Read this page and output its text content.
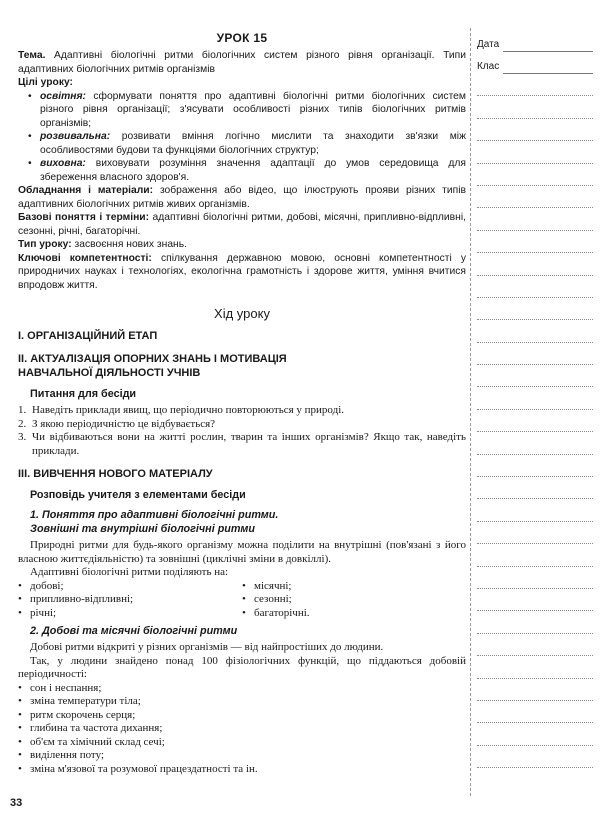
УРОК 15

Тема. Адаптивні біологічні ритми біологічних систем різного рівня організації. Типи адаптивних біологічних ритмів організмів

Цілі уроку:

• освітня: сформувати поняття про адаптивні біологічні ритми біологічних систем різного рівня організації; з'ясувати особливості різних типів біологічних ритмів організмів;
• розвивальна: розвивати вміння логічно мислити та знаходити зв'язки між особливостями будови та функціями біологічних структур;
• виховна: виховувати розуміння значення адаптації до умов середовища для збереження власного здоров'я.

Обладнання і матеріали: зображення або відео, що ілюструють прояви різних типів адаптивних біологічних ритмів живих організмів.

Базові поняття і терміни: адаптивні біологічні ритми, добові, місячні, припливно-відпливні, сезонні, річні, багаторічні.

Тип уроку: засвоєння нових знань.

Ключові компетентності: спілкування державною мовою, основні компетентності у природничих науках і технологіях, екологічна грамотність і здорове життя, уміння вчитися впродовж життя.

Хід уроку

І. ОРГАНІЗАЦІЙНИЙ ЕТАП

ІІ. АКТУАЛІЗАЦІЯ ОПОРНИХ ЗНАНЬ І МОТИВАЦІЯ

НАВЧАЛЬНОЇ ДІЯЛЬНОСТІ УЧНІВ

Питання для бесіди

1. Наведіть приклади явищ, що періодично повторюються у природі.
2. З якою періодичністю це відбувається?
3. Чи відбиваються вони на житті рослин, тварин та інших організмів? Якщо так, наведіть приклади.

ІІІ. ВИВЧЕННЯ НОВОГО МАТЕРІАЛУ

Розповідь учителя з елементами бесіди

1. Поняття про адаптивні біологічні ритми.

Зовнішні та внутрішні біологічні ритми

Природні ритми для будь-якого організму можна поділити на внутрішні (пов'язані з його власною життєдіяльністю) та зовнішні (циклічні зміни в довкіллі).

Адаптивні біологічні ритми поділяють на:

• добові;
• припливно-відпливні;
• річні;
• місячні;
• сезонні;
• багаторічні.

2. Добові та місячні біологічні ритми

Добові ритми відкриті у різних організмів — від найпростіших до людини.

Так, у людини знайдено понад 100 фізіологічних функцій, що піддаються добовій періодичності:

• сон і неспання;
• зміна температури тіла;
• ритм скорочень серця;
• глибина та частота дихання;
• об'єм та хімічний склад сечі;
• виділення поту;
• зміна м'язової та розумової працездатності та ін.
Дата
Клас
33
